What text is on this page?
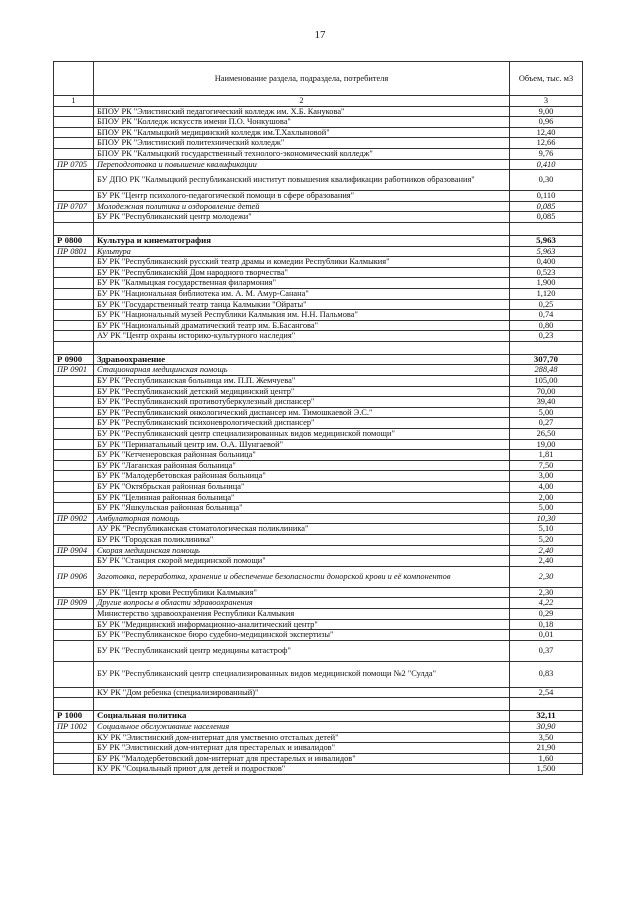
17
	Наименование раздела, подраздела, потребителя	Объем, тыс. м3
1	2	3
	БПОУ РК "Элистинский педагогический колледж им. Х.Б. Канукова"	9,00
	БПОУ РК "Колледж искусств имени П.О. Чонкушова"	0,96
	БПОУ РК "Калмыцкий медицинский колледж им.Т.Хахлыновой"	12,40
	БПОУ РК "Элистинский политехнический колледж"	12,66
	БПОУ РК "Калмыцкий государственный технолого-экономический колледж"	9,76
ПР 0705	Переподготовка и повышение квалификации	0,410
	БУ ДПО РК "Калмыцкий республиканский институт повышения квалификации работников образования"	0,30
	БУ РК "Центр психолого-педагогической помощи в сфере образования"	0,110
ПР 0707	Молодежная политика и оздоровление детей	0,085
	БУ РК "Республиканский центр молодежи"	0,085

Р 0800	Культура и кинематография	5,963
ПР 0801	Культура	5,963
	БУ РК "Республиканский русский театр драмы и комедии Республики Калмыкия"	0,400
	БУ РК "Республиканскйй Дом народного творчества"	0,523
	БУ РК "Калмыцкая государственная филармония"	1,900
	БУ РК "Национальная библиотека им. А. М. Амур-Санана"	1,120
	БУ РК "Государственный театр танца Калмыкии "Ойраты"	0,25
	БУ РК "Национальный музей Республики Калмыкия им. Н.Н. Пальмова"	0,74
	БУ РК "Национальный драматический театр им. Б.Басангова"	0,80
	АУ РК "Центр охраны историко-культурного наследия"	0,23

Р 0900	Здравоохранение	307,70
ПР 0901	Стационарная медицинская помощь	288,48
	БУ РК "Республиканская больница им. П.П. Жемчуева"	105,00
	БУ РК "Республиканский детский медицинский центр"	70,00
	БУ РК "Республиканский противотуберкулезный диспансер"	39,40
	БУ РК "Республиканский онкологический диспансер им. Тимошкаевой Э.С."	5,00
	БУ РК "Республиканский психоневрологический диспансер"	0,27
	БУ РК "Республиканский центр специализированных видов медицинской помощи"	26,50
	БУ РК "Перинатальный центр им. О.А. Шунгаевой"	19,00
	БУ РК "Кетченеровская районная больница"	1,81
	БУ РК "Лаганская районная больница"	7,50
	БУ РК "Малодербетовская районная больница"	3,00
	БУ РК "Октябрьская районная больница"	4,00
	БУ РК "Целинная районная больница"	2,00
	БУ РК "Яшкульская районная больница"	5,00
ПР 0902	Амбулаторная помощь	10,30
	АУ РК "Республиканская стоматологическая поликлиника"	5,10
	БУ РК "Городская поликлиника"	5,20
ПР 0904	Скорая медицинская помощь	2,40
	БУ РК "Станция скорой медицинской помощи"	2,40
ПР 0906	Заготовка, переработка, хранение и обеспечение безопасности донорской крови и её компонентов	2,30
	БУ РК "Центр крови Республики Калмыкия"	2,30
ПР 0909	Другие вопросы в области здравоохранения	4,22
	Министерство здравоохранения Республики Калмыкия	0,29
	БУ РК "Медицинский информационно-аналитический центр"	0,18
	БУ РК "Республиканское бюро судебно-медицинской экспертизы"	0,01
	БУ РК "Республиканский центр медицины катастроф"	0,37
	БУ РК "Республиканский центр специализированных видов медицинской помощи №2 "Сулда"	0,83
	КУ РК "Дом ребенка (специализированный)"	2,54

Р 1000	Социальная политика	32,11
ПР 1002	Социальное обслуживание населения	30,90
	КУ РК "Элистинский дом-интернат для умственно отсталых детей"	3,50
	БУ РК "Элистинский дом-интернат для престарелых и инвалидов"	21,90
	БУ РК "Малодербетовский дом-интернат для престарелых и инвалидов"	1,60
	КУ РК "Социальный приют для детей и подростков"	1,500
